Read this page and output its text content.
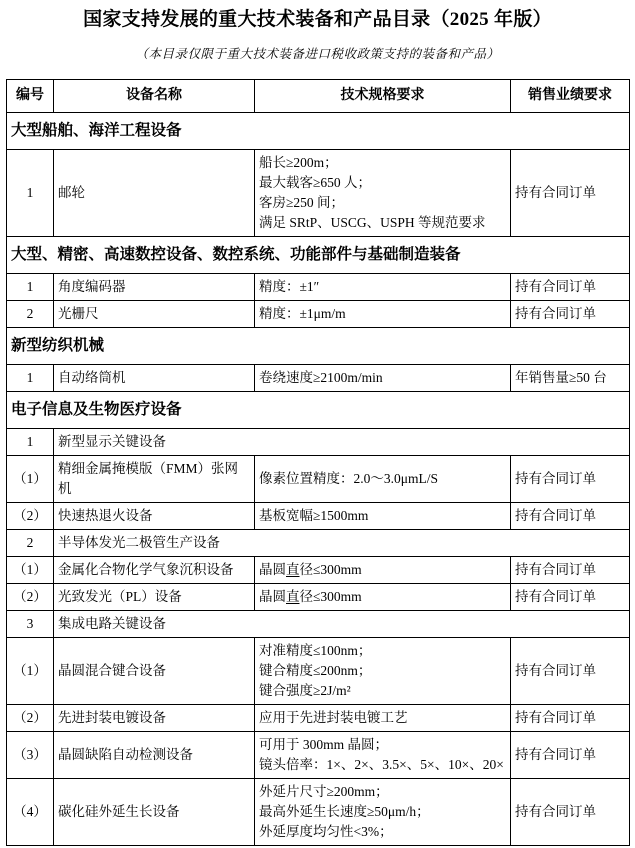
国家支持发展的重大技术装备和产品目录（2025 年版）

（本目录仅限于重大技术装备进口税收政策支持的装备和产品）

编号	设备名称	技术规格要求	销售业绩要求
大型船舶、海洋工程设备			
1	邮轮	船长≥200m；
最大载客≥650 人；
客房≥250 间；
满足 SRtP、USCG、USPH 等规范要求	持有合同订单
大型、精密、高速数控设备、数控系统、功能部件与基础制造装备			
1	角度编码器	精度：±1″	持有合同订单
2	光栅尺	精度：±1μm/m	持有合同订单
新型纺织机械			
1	自动络筒机	卷绕速度≥2100m/min	年销售量≥50 台
电子信息及生物医疗设备			
1	新型显示关键设备		
（1）	精细金属掩模版（FMM）张网机	像素位置精度：2.0～3.0μmL/S	持有合同订单
（2）	快速热退火设备	基板宽幅≥1500mm	持有合同订单
2	半导体发光二极管生产设备		
（1）	金属化合物化学气象沉积设备	晶圆直径≤300mm	持有合同订单
（2）	光致发光（PL）设备	晶圆直径≤300mm	持有合同订单
3	集成电路关键设备		
（1）	晶圆混合键合设备	对准精度≤100nm；
键合精度≤200nm；
键合强度≥2J/m²	持有合同订单
（2）	先进封装电镀设备	应用于先进封装电镀工艺	持有合同订单
（3）	晶圆缺陷自动检测设备	可用于 300mm 晶圆；
镜头倍率：1×、2×、3.5×、5×、10×、20×	持有合同订单
（4）	碳化硅外延生长设备	外延片尺寸≥200mm；
最高外延生长速度≥50μm/h；
外延厚度均匀性<3%；	持有合同订单
